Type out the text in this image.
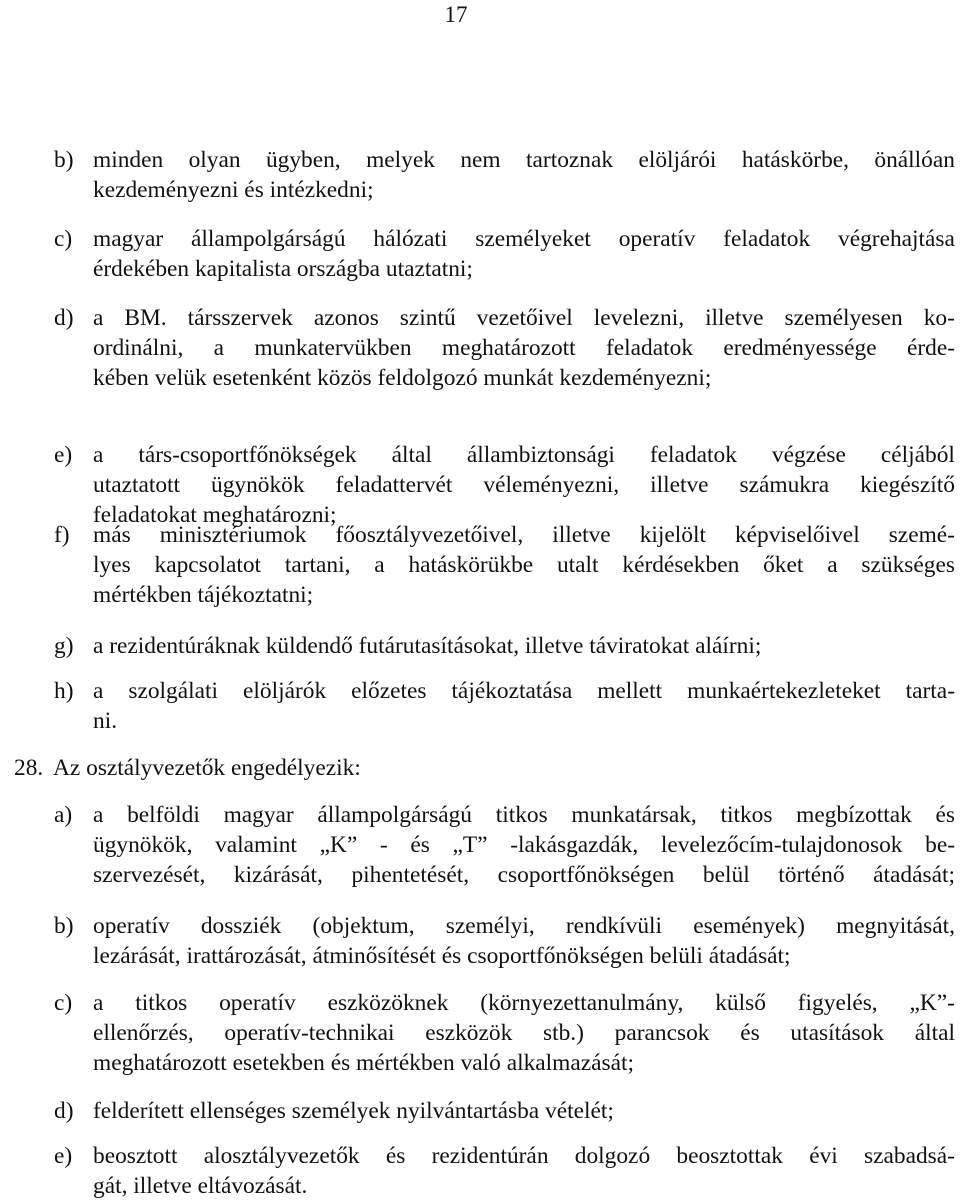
17
b) minden olyan ügyben, melyek nem tartoznak elöljárói hatáskörbe, önállóan
kezdeményezni és intézkedni;
c) magyar állampolgárságú hálózati személyeket operatív feladatok végrehajtása
érdekében kapitalista országba utaztatni;
d) a BM. társszervek azonos szintű vezetőivel levelezni, illetve személyesen ko-
ordinálni, a munkatervükben meghatározott feladatok eredményessége érde-
kében velük esetenként közös feldolgozó munkát kezdeményezni;
e) a társ-csoportfőnökségek által állambiztonsági feladatok végzése céljából
utaztatott ügynökök feladattervét véleményezni, illetve számukra kiegészítő
feladatokat meghatározni;
f) más minisztériumok főosztályvezetőivel, illetve kijelölt képviselőivel szemé-
lyes kapcsolatot tartani, a hatáskörükbe utalt kérdésekben őket a szükséges
mértékben tájékoztatni;
g) a rezidentúráknak küldendő futárutasításokat, illetve táviratokat aláírni;
h) a szolgálati elöljárók előzetes tájékoztatása mellett munkaértekezleteket tarta-
ni.
28. Az osztályvezetők engedélyezik:
a) a belföldi magyar állampolgárságú titkos munkatársak, titkos megbízottak és
ügynökök, valamint „K” - és „T” -lakásgazdák, levelezőcím-tulajdonosok be-
szervezését, kizárását, pihentetését, csoportfőnökségen belül történő átadását;
b) operatív dossziék (objektum, személyi, rendkívüli események) megnyitását,
lezárását, irattározását, átminősítését és csoportfőnökségen belüli átadását;
c) a titkos operatív eszközöknek (környezettanulmány, külső figyelés, „K”-
ellenőrzés, operatív-technikai eszközök stb.) parancsok és utasítások által
meghatározott esetekben és mértékben való alkalmazását;
d) felderített ellenséges személyek nyilvántartásba vételét;
e) beosztott alosztályvezetők és rezidentúrán dolgozó beosztottak évi szabadsá-
gát, illetve eltávozását.
